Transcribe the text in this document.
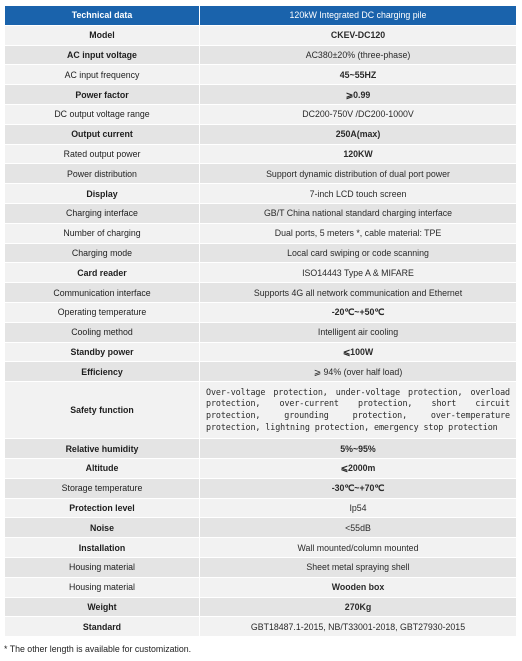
Technical data	120kW Integrated DC charging pile
Model	CKEV-DC120
AC input voltage	AC380±20% (three-phase)
AC input frequency	45~55HZ
Power factor	⩾0.99
DC output voltage range	DC200-750V /DC200-1000V
Output current	250A(max)
Rated output power	120KW
Power distribution	Support dynamic distribution of dual port power
Display	7-inch LCD touch screen
Charging interface	GB/T China national standard charging interface
Number of charging	Dual ports, 5 meters *, cable material: TPE
Charging mode	Local card swiping or code scanning
Card reader	ISO14443 Type A & MIFARE
Communication interface	Supports 4G all network communication and Ethernet
Operating temperature	-20℃~+50℃
Cooling method	Intelligent air cooling
Standby power	⩽100W
Efficiency	⩾ 94% (over half load)
Safety function	Over-voltage protection, under-voltage protection, overload protection, over-current protection, short circuit protection, grounding protection, over-temperature protection, lightning protection, emergency stop protection
Relative humidity	5%~95%
Altitude	⩽2000m
Storage temperature	-30℃~+70℃
Protection level	Ip54
Noise	<55dB
Installation	Wall mounted/column mounted
Housing material	Sheet metal spraying shell
Housing material	Wooden box
Weight	270Kg
Standard	GBT18487.1-2015, NB/T33001-2018, GBT27930-2015
* The other length is available for customization.
